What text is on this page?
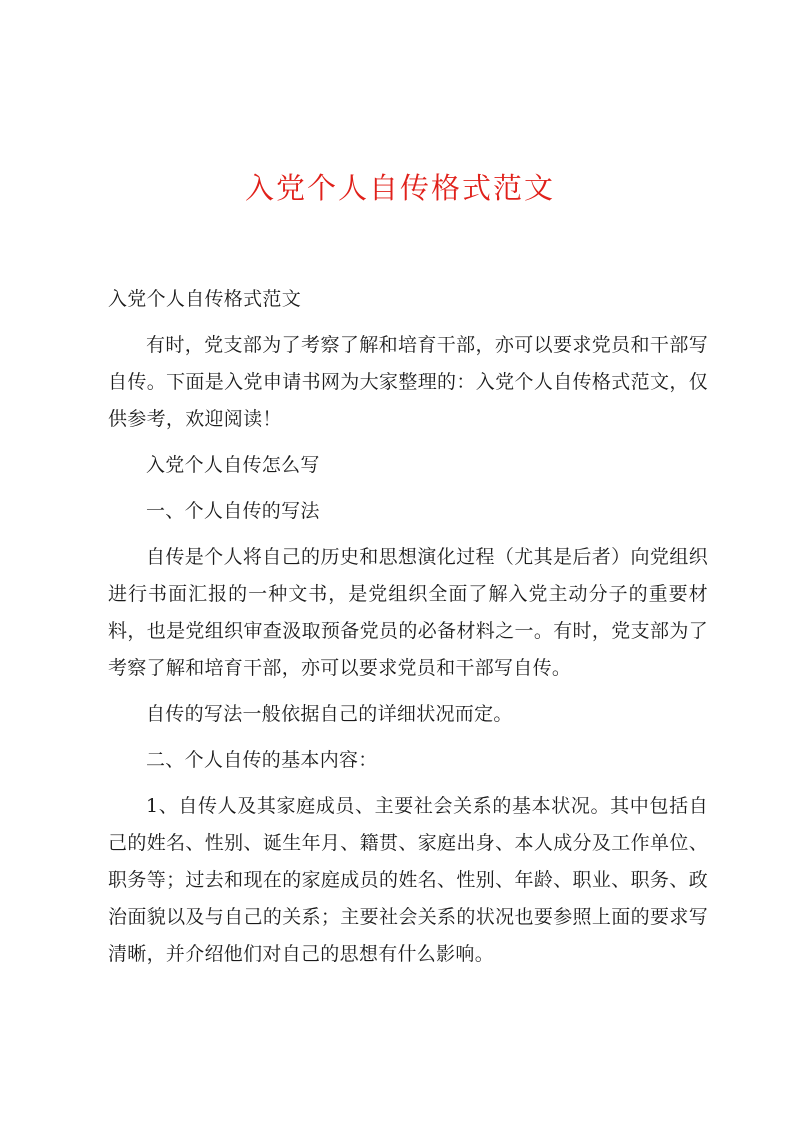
入党个人自传格式范文

入党个人自传格式范文

有时，党支部为了考察了解和培育干部，亦可以要求党员和干部写自传。下面是入党申请书网为大家整理的：入党个人自传格式范文，仅供参考，欢迎阅读！

入党个人自传怎么写

一、个人自传的写法

自传是个人将自己的历史和思想演化过程（尤其是后者）向党组织进行书面汇报的一种文书，是党组织全面了解入党主动分子的重要材料，也是党组织审查汲取预备党员的必备材料之一。有时，党支部为了考察了解和培育干部，亦可以要求党员和干部写自传。

自传的写法一般依据自己的详细状况而定。

二、个人自传的基本内容：

1、自传人及其家庭成员、主要社会关系的基本状况。其中包括自己的姓名、性别、诞生年月、籍贯、家庭出身、本人成分及工作单位、职务等；过去和现在的家庭成员的姓名、性别、年龄、职业、职务、政治面貌以及与自己的关系；主要社会关系的状况也要参照上面的要求写清晰，并介绍他们对自己的思想有什么影响。
